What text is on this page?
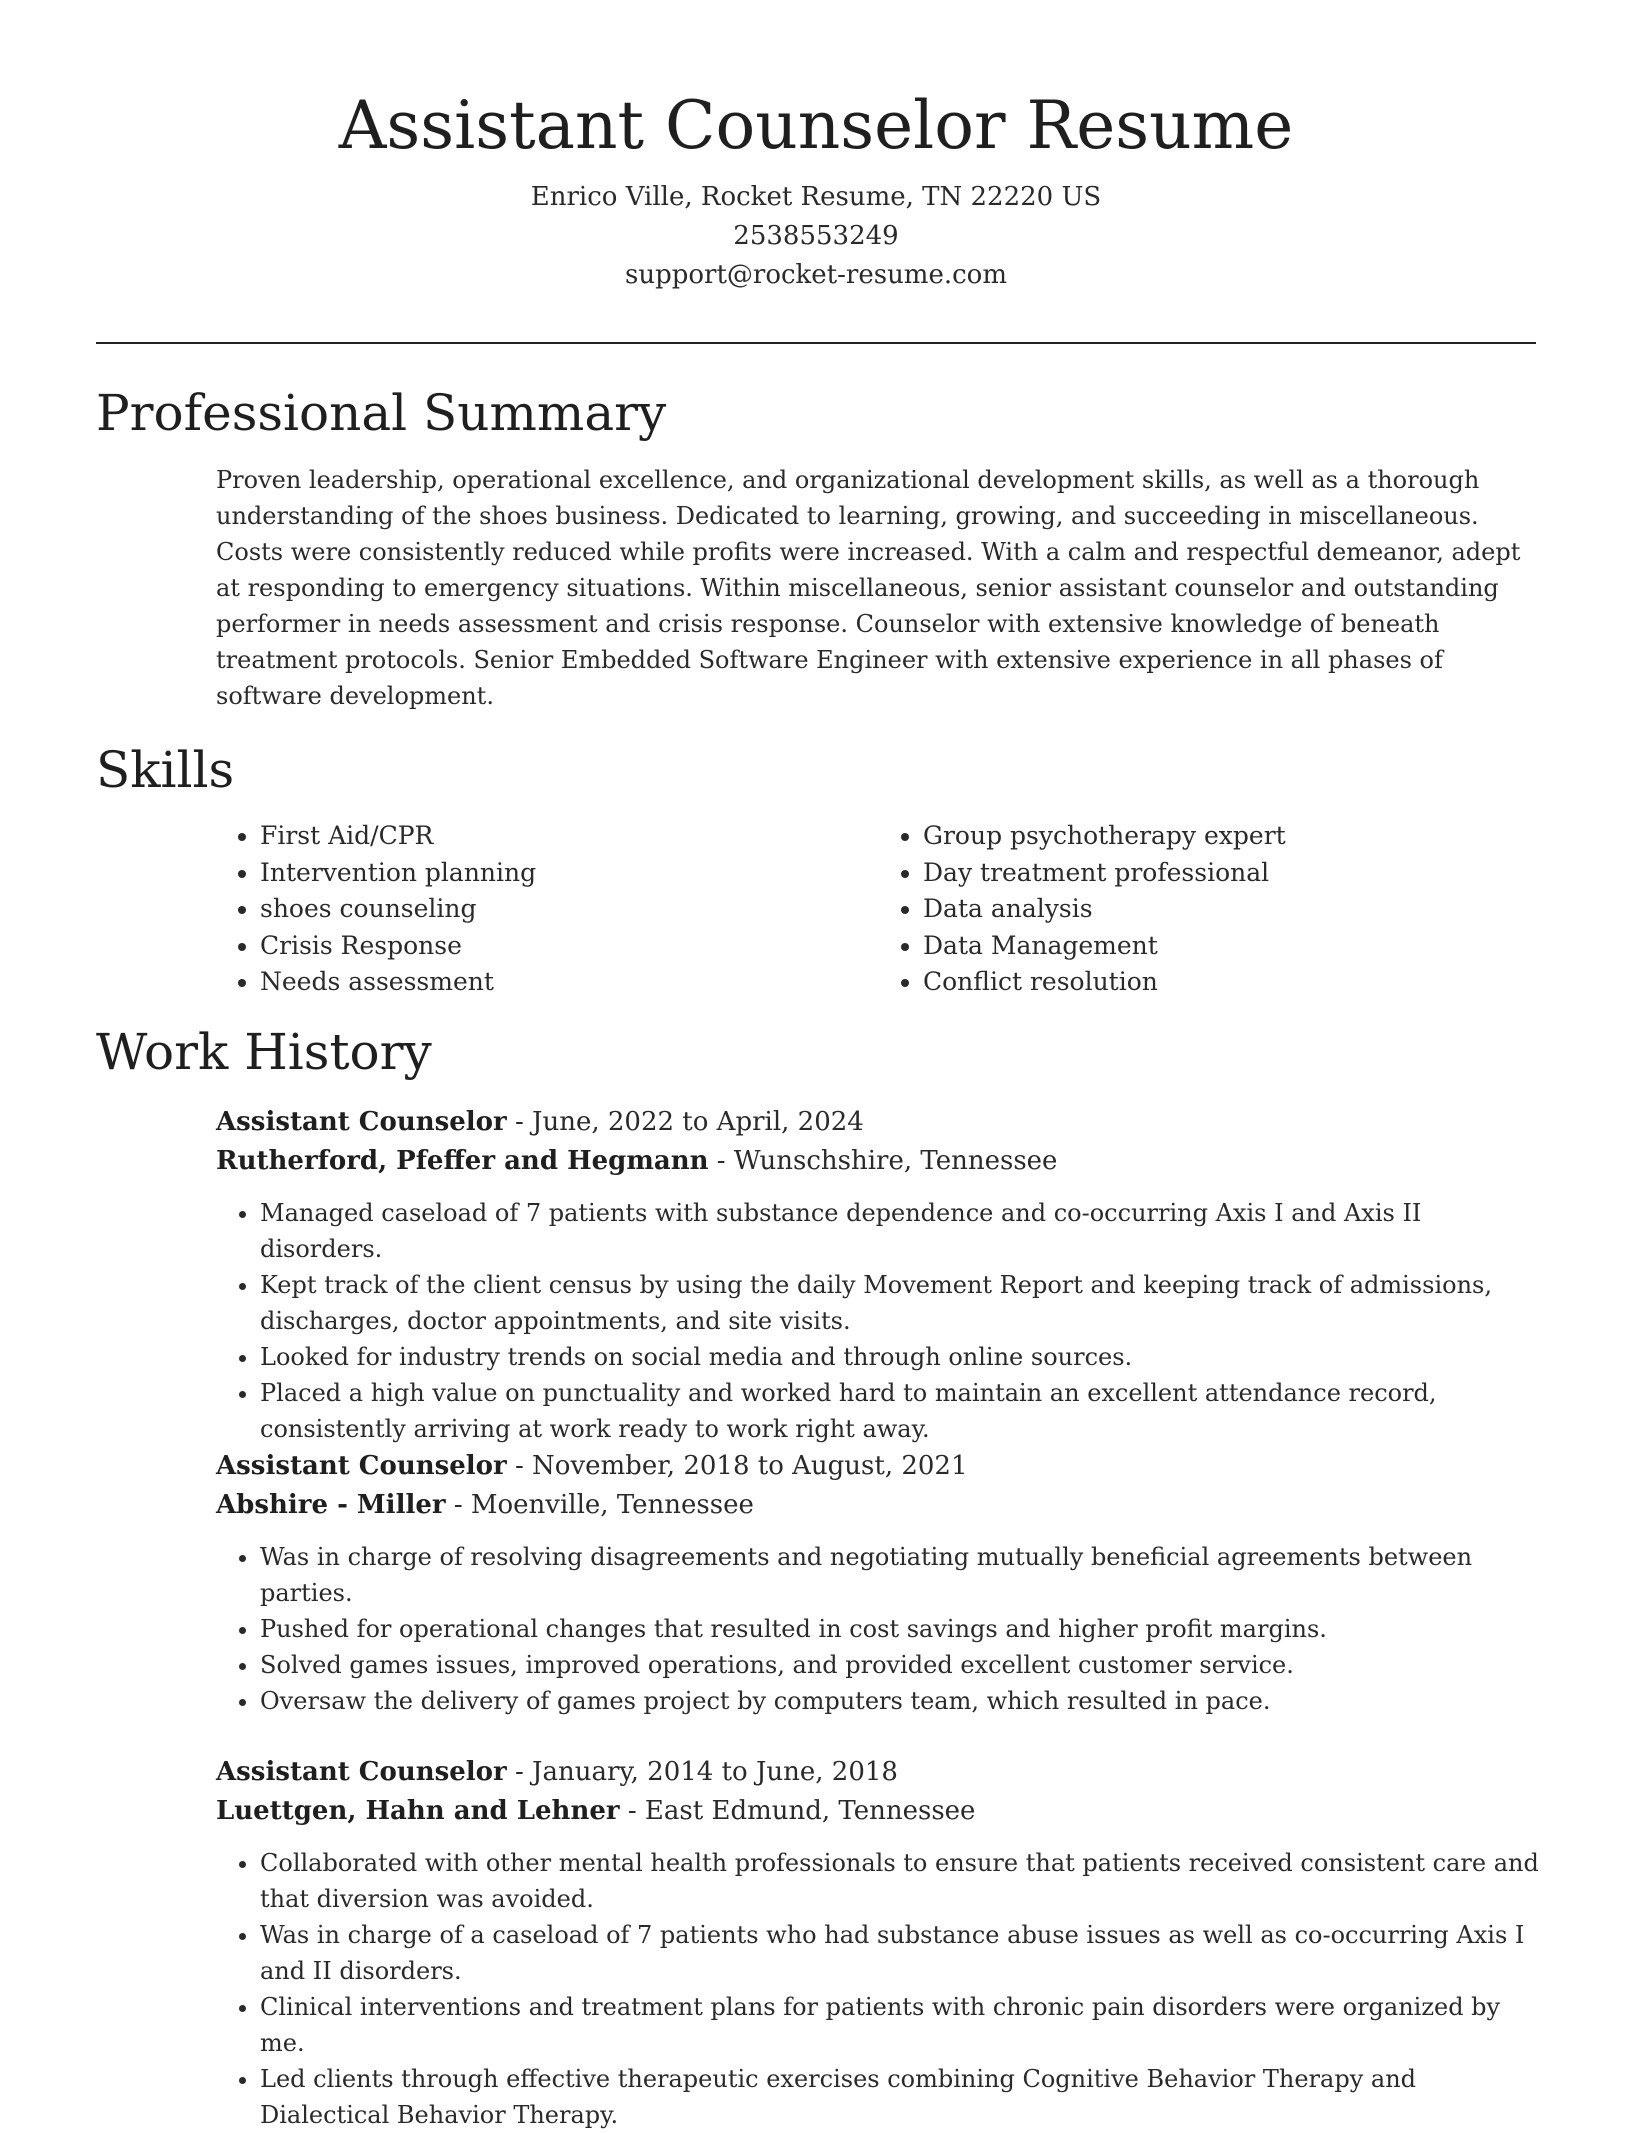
Assistant Counselor Resume
Enrico Ville, Rocket Resume, TN 22220 US
2538553249
support@rocket-resume.com
Professional Summary

Proven leadership, operational excellence, and organizational development skills, as well as a thorough understanding of the shoes business. Dedicated to learning, growing, and succeeding in miscellaneous. Costs were consistently reduced while profits were increased. With a calm and respectful demeanor, adept at responding to emergency situations. Within miscellaneous, senior assistant counselor and outstanding performer in needs assessment and crisis response. Counselor with extensive knowledge of beneath treatment protocols. Senior Embedded Software Engineer with extensive experience in all phases of software development.

Skills
• First Aid/CPR
• Intervention planning
• shoes counseling
• Crisis Response
• Needs assessment
• Group psychotherapy expert
• Day treatment professional
• Data analysis
• Data Management
• Conflict resolution
Work History
Assistant Counselor - June, 2022 to April, 2024
Rutherford, Pfeffer and Hegmann - Wunschshire, Tennessee
• Managed caseload of 7 patients with substance dependence and co-occurring Axis I and Axis II disorders.
• Kept track of the client census by using the daily Movement Report and keeping track of admissions, discharges, doctor appointments, and site visits.
• Looked for industry trends on social media and through online sources.
• Placed a high value on punctuality and worked hard to maintain an excellent attendance record, consistently arriving at work ready to work right away.
Assistant Counselor - November, 2018 to August, 2021
Abshire - Miller - Moenville, Tennessee
• Was in charge of resolving disagreements and negotiating mutually beneficial agreements between parties.
• Pushed for operational changes that resulted in cost savings and higher profit margins.
• Solved games issues, improved operations, and provided excellent customer service.
• Oversaw the delivery of games project by computers team, which resulted in pace.
Assistant Counselor - January, 2014 to June, 2018
Luettgen, Hahn and Lehner - East Edmund, Tennessee
• Collaborated with other mental health professionals to ensure that patients received consistent care and that diversion was avoided.
• Was in charge of a caseload of 7 patients who had substance abuse issues as well as co-occurring Axis I and II disorders.
• Clinical interventions and treatment plans for patients with chronic pain disorders were organized by me.
• Led clients through effective therapeutic exercises combining Cognitive Behavior Therapy and Dialectical Behavior Therapy.
